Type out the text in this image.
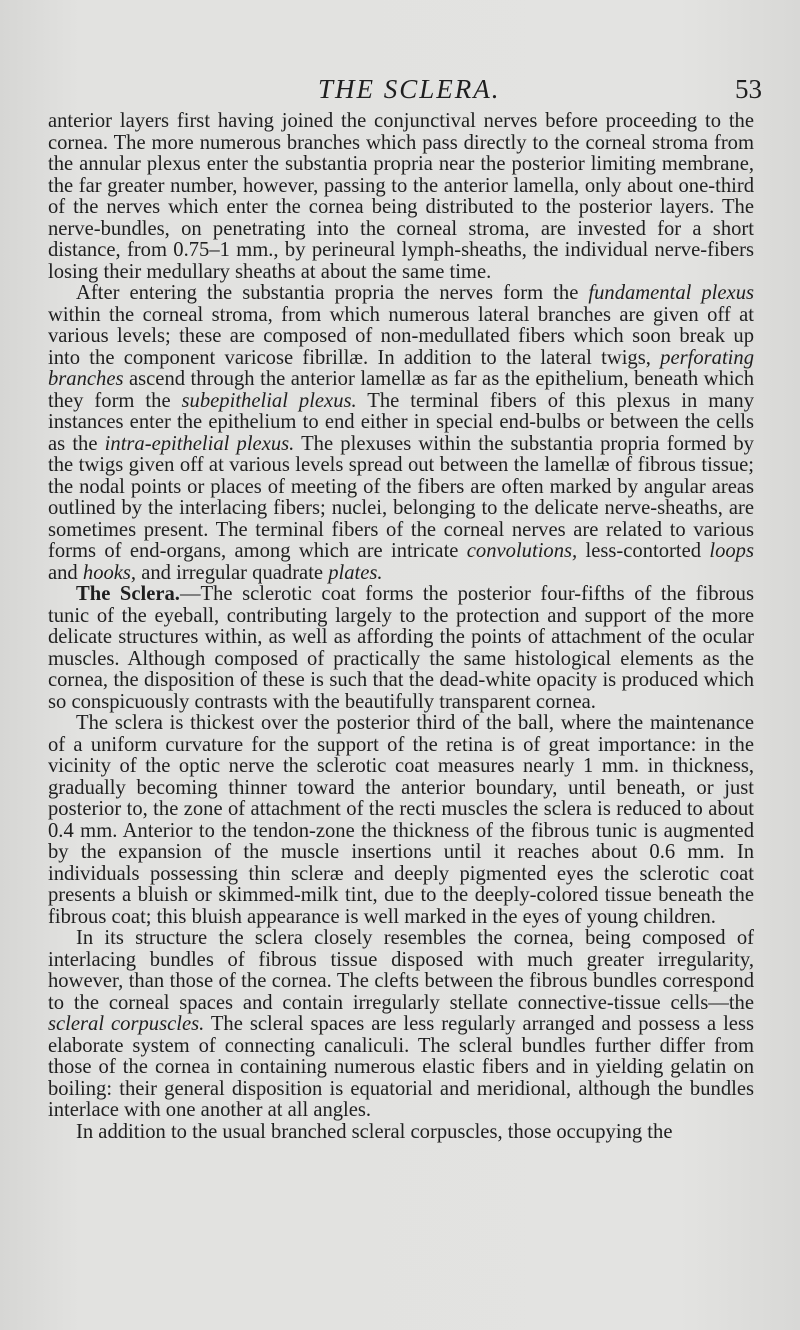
THE SCLERA.	53

anterior layers first having joined the conjunctival nerves before proceeding to the cornea. The more numerous branches which pass directly to the corneal stroma from the annular plexus enter the substantia propria near the posterior limiting membrane, the far greater number, however, passing to the anterior lamella, only about one-third of the nerves which enter the cornea being distributed to the posterior layers. The nerve-bundles, on penetrating into the corneal stroma, are invested for a short distance, from 0.75–1 mm., by perineural lymph-sheaths, the individual nerve-fibers losing their medullary sheaths at about the same time.

After entering the substantia propria the nerves form the fundamental plexus within the corneal stroma, from which numerous lateral branches are given off at various levels; these are composed of non-medullated fibers which soon break up into the component varicose fibrillæ. In addition to the lateral twigs, perforating branches ascend through the anterior lamellæ as far as the epithelium, beneath which they form the subepithelial plexus. The terminal fibers of this plexus in many instances enter the epithelium to end either in special end-bulbs or between the cells as the intra-epithelial plexus. The plexuses within the substantia propria formed by the twigs given off at various levels spread out between the lamellæ of fibrous tissue; the nodal points or places of meeting of the fibers are often marked by angular areas outlined by the interlacing fibers; nuclei, belonging to the delicate nerve-sheaths, are sometimes present. The terminal fibers of the corneal nerves are related to various forms of end-organs, among which are intricate convolutions, less-contorted loops and hooks, and irregular quadrate plates.

The Sclera.—The sclerotic coat forms the posterior four-fifths of the fibrous tunic of the eyeball, contributing largely to the protection and support of the more delicate structures within, as well as affording the points of attachment of the ocular muscles. Although composed of practically the same histological elements as the cornea, the disposition of these is such that the dead-white opacity is produced which so conspicuously contrasts with the beautifully transparent cornea.

The sclera is thickest over the posterior third of the ball, where the maintenance of a uniform curvature for the support of the retina is of great importance: in the vicinity of the optic nerve the sclerotic coat measures nearly 1 mm. in thickness, gradually becoming thinner toward the anterior boundary, until beneath, or just posterior to, the zone of attachment of the recti muscles the sclera is reduced to about 0.4 mm. Anterior to the tendon-zone the thickness of the fibrous tunic is augmented by the expansion of the muscle insertions until it reaches about 0.6 mm. In individuals possessing thin scleræ and deeply pigmented eyes the sclerotic coat presents a bluish or skimmed-milk tint, due to the deeply-colored tissue beneath the fibrous coat; this bluish appearance is well marked in the eyes of young children.

In its structure the sclera closely resembles the cornea, being composed of interlacing bundles of fibrous tissue disposed with much greater irregularity, however, than those of the cornea. The clefts between the fibrous bundles correspond to the corneal spaces and contain irregularly stellate connective-tissue cells—the scleral corpuscles. The scleral spaces are less regularly arranged and possess a less elaborate system of connecting canaliculi. The scleral bundles further differ from those of the cornea in containing numerous elastic fibers and in yielding gelatin on boiling: their general disposition is equatorial and meridional, although the bundles interlace with one another at all angles.

In addition to the usual branched scleral corpuscles, those occupying the
